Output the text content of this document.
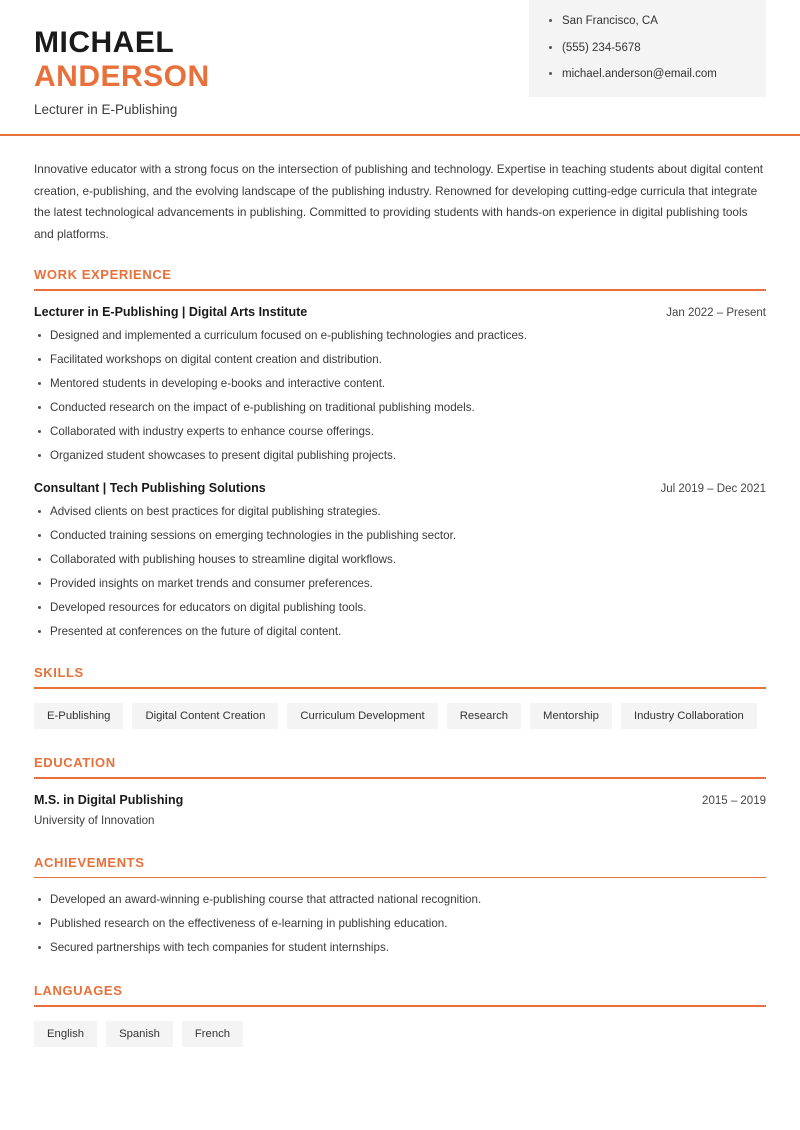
MICHAEL
ANDERSON
Lecturer in E-Publishing
San Francisco, CA
(555) 234-5678
michael.anderson@email.com

Innovative educator with a strong focus on the intersection of publishing and technology. Expertise in teaching students about digital content creation, e-publishing, and the evolving landscape of the publishing industry. Renowned for developing cutting-edge curricula that integrate the latest technological advancements in publishing. Committed to providing students with hands-on experience in digital publishing tools and platforms.

WORK EXPERIENCE
Lecturer in E-Publishing | Digital Arts Institute	Jan 2022 – Present
Designed and implemented a curriculum focused on e-publishing technologies and practices.
Facilitated workshops on digital content creation and distribution.
Mentored students in developing e-books and interactive content.
Conducted research on the impact of e-publishing on traditional publishing models.
Collaborated with industry experts to enhance course offerings.
Organized student showcases to present digital publishing projects.
Consultant | Tech Publishing Solutions	Jul 2019 – Dec 2021
Advised clients on best practices for digital publishing strategies.
Conducted training sessions on emerging technologies in the publishing sector.
Collaborated with publishing houses to streamline digital workflows.
Provided insights on market trends and consumer preferences.
Developed resources for educators on digital publishing tools.
Presented at conferences on the future of digital content.
SKILLS
E-Publishing	Digital Content Creation	Curriculum Development	Research	Mentorship	Industry Collaboration
EDUCATION
M.S. in Digital Publishing	2015 – 2019
University of Innovation
ACHIEVEMENTS
Developed an award-winning e-publishing course that attracted national recognition.
Published research on the effectiveness of e-learning in publishing education.
Secured partnerships with tech companies for student internships.
LANGUAGES
English	Spanish	French
